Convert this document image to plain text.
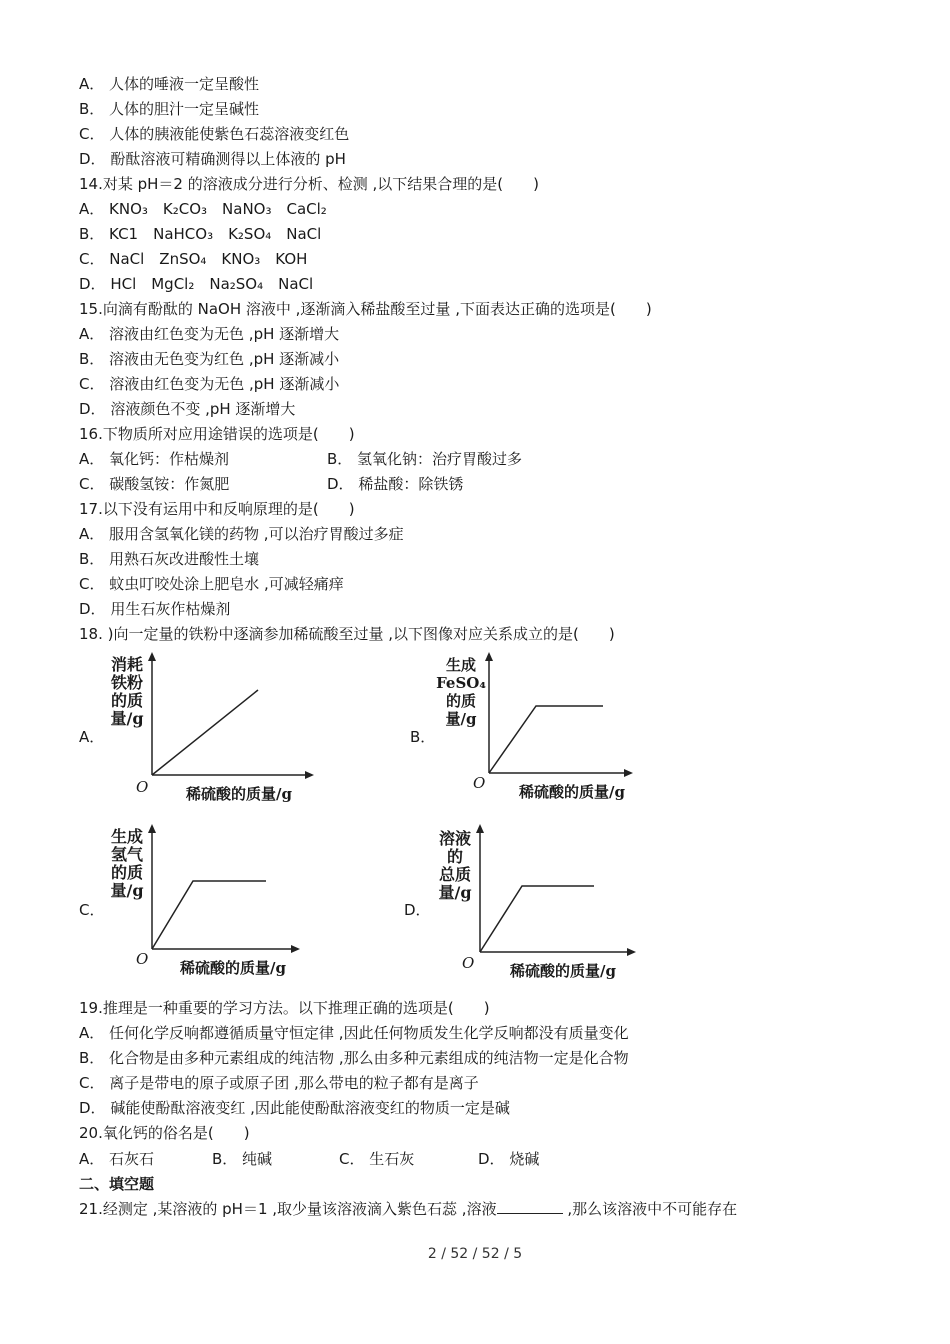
A． 人体的唾液一定呈酸性
B． 人体的胆汁一定呈碱性
C． 人体的胰液能使紫色石蕊溶液变红色
D． 酚酞溶液可精确测得以上体液的 pH
14.对某 pH＝2 的溶液成分进行分析、检测 ,以下结果合理的是(　　)
A． KNO₃　K₂CO₃　NaNO₃　CaCl₂
B． KC1　NaHCO₃　K₂SO₄　NaCl
C． NaCl　ZnSO₄　KNO₃　KOH
D． HCl　MgCl₂　Na₂SO₄　NaCl
15.向滴有酚酞的 NaOH 溶液中 ,逐渐滴入稀盐酸至过量 ,下面表达正确的选项是(　　)
A． 溶液由红色变为无色 ,pH 逐渐增大
B． 溶液由无色变为红色 ,pH 逐渐减小
C． 溶液由红色变为无色 ,pH 逐渐减小
D． 溶液颜色不变 ,pH 逐渐增大
16.下物质所对应用途错误的选项是(　　)
A． 氧化钙：作枯燥剂	B． 氢氧化钠：治疗胃酸过多
C． 碳酸氢铵：作氮肥	D． 稀盐酸：除铁锈
17.以下没有运用中和反响原理的是(　　)
A． 服用含氢氧化镁的药物 ,可以治疗胃酸过多症
B． 用熟石灰改进酸性土壤
C． 蚊虫叮咬处涂上肥皂水 ,可减轻痛痒
D． 用生石灰作枯燥剂
18. )向一定量的铁粉中逐滴参加稀硫酸至过量 ,以下图像对应关系成立的是(　　)
A．
消耗
铁粉
的质
量/g
O	稀硫酸的质量/g
B．
生成
FeSO₄
的质
量/g
O 稀硫酸的质量/g
C．
生成
氢气
的质
量/g
O 稀硫酸的质量/g
D．
溶液
的
总质
量/g
O 稀硫酸的质量/g
19.推理是一种重要的学习方法。以下推理正确的选项是(　　)
A． 任何化学反响都遵循质量守恒定律 ,因此任何物质发生化学反响都没有质量变化
B． 化合物是由多种元素组成的纯洁物 ,那么由多种元素组成的纯洁物一定是化合物
C． 离子是带电的原子或原子团 ,那么带电的粒子都有是离子
D． 碱能使酚酞溶液变红 ,因此能使酚酞溶液变红的物质一定是碱
20.氧化钙的俗名是(　　)
A． 石灰石	B． 纯碱	C． 生石灰	D． 烧碱
二、填空题
21.经测定 ,某溶液的 pH＝1 ,取少量该溶液滴入紫色石蕊 ,溶液	,那么该溶液中不可能存在
2 / 52 / 52 / 5
